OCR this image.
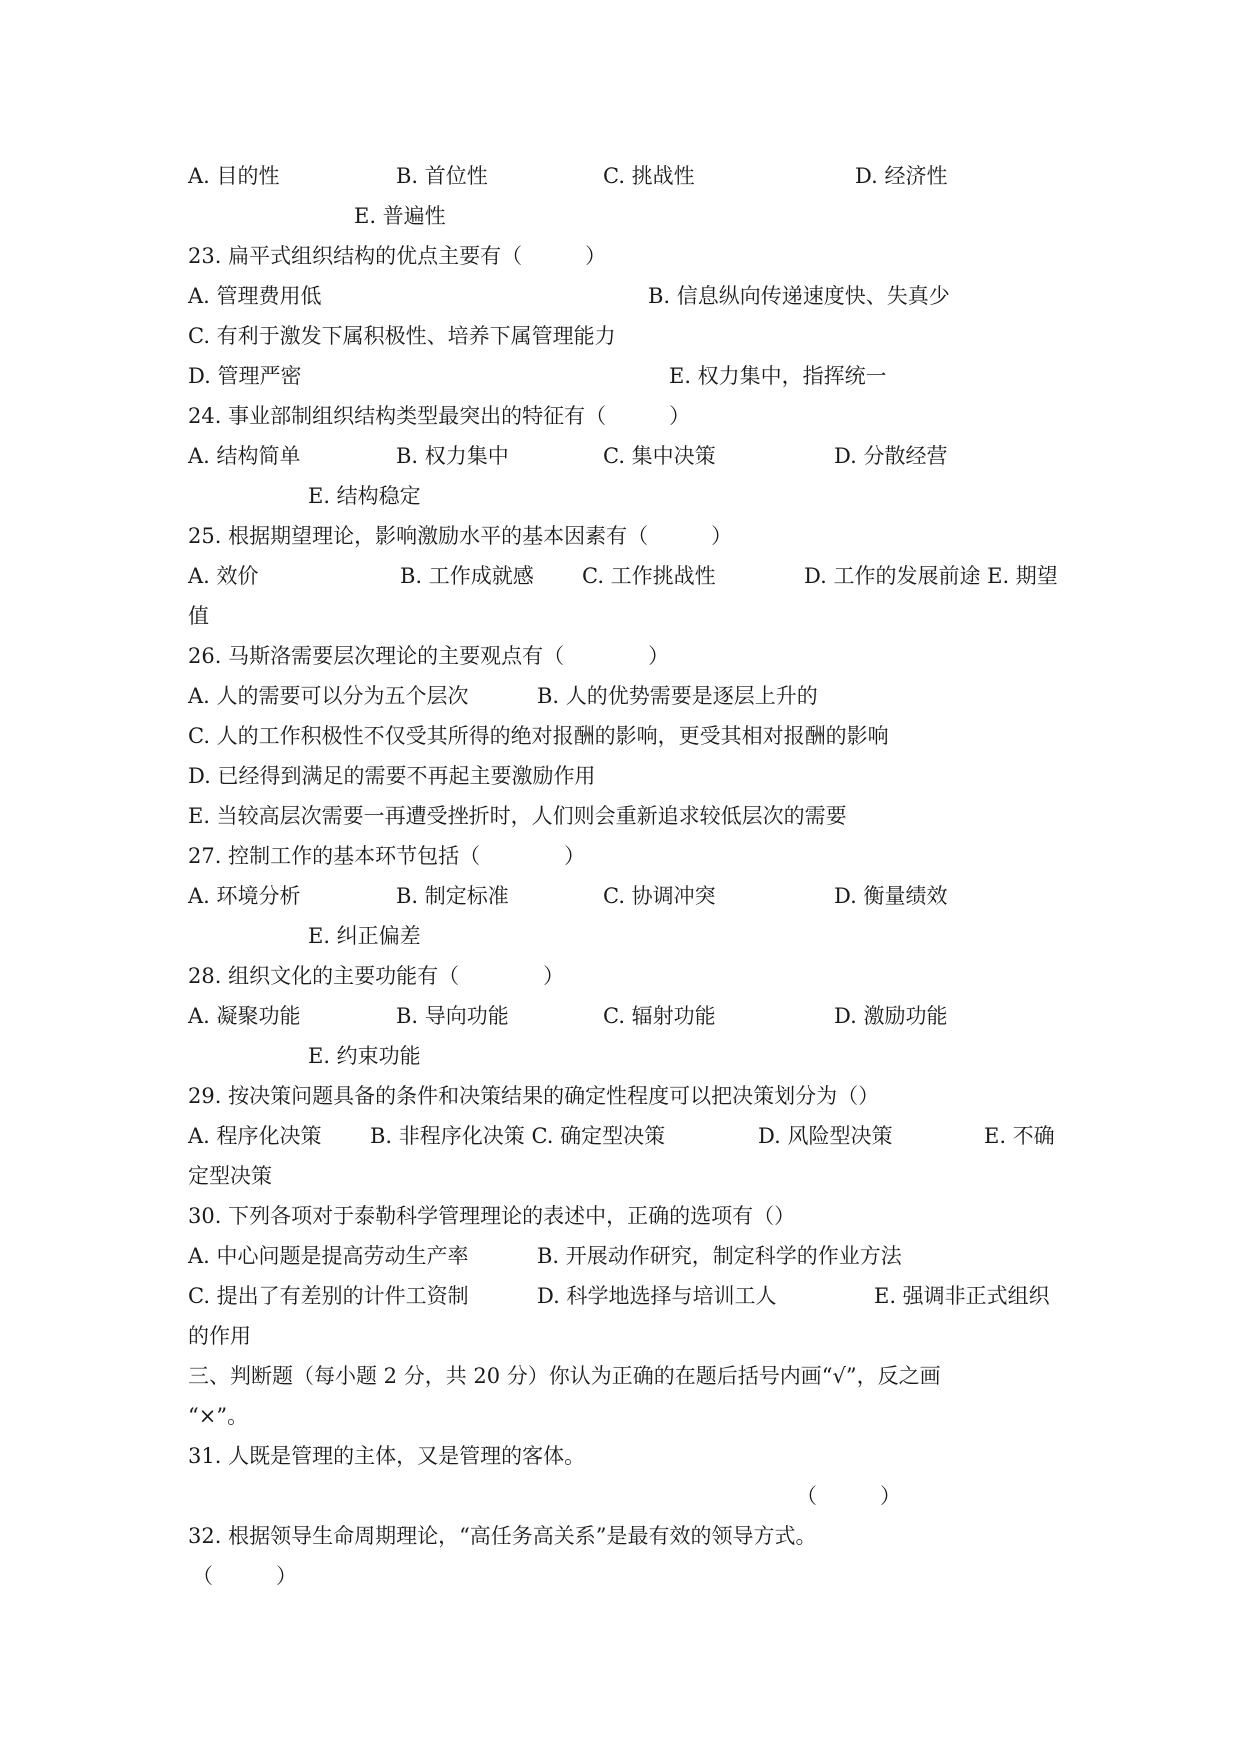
A. 目的性	B. 首位性	C. 挑战性	D. 经济性
E. 普遍性
23. 扁平式组织结构的优点主要有（　　　）
A. 管理费用低	B. 信息纵向传递速度快、失真少
C. 有利于激发下属积极性、培养下属管理能力
D. 管理严密	E. 权力集中，指挥统一
24. 事业部制组织结构类型最突出的特征有（　　　）
A. 结构简单	B. 权力集中	C. 集中决策	D. 分散经营
E. 结构稳定
25. 根据期望理论，影响激励水平的基本因素有（　　　）
A. 效价	B. 工作成就感 C. 工作挑战性	D. 工作的发展前途 E. 期望
值
26. 马斯洛需要层次理论的主要观点有（　　　　）
A. 人的需要可以分为五个层次	B. 人的优势需要是逐层上升的
C. 人的工作积极性不仅受其所得的绝对报酬的影响，更受其相对报酬的影响
D. 已经得到满足的需要不再起主要激励作用
E. 当较高层次需要一再遭受挫折时，人们则会重新追求较低层次的需要
27. 控制工作的基本环节包括（　　　　）
A. 环境分析	B. 制定标准	C. 协调冲突	D. 衡量绩效
E. 纠正偏差
28. 组织文化的主要功能有（　　　　）
A. 凝聚功能	B. 导向功能	C. 辐射功能	D. 激励功能
E. 约束功能
29. 按决策问题具备的条件和决策结果的确定性程度可以把决策划分为（）
A. 程序化决策 B. 非程序化决策 C. 确定型决策	D. 风险型决策	E. 不确
定型决策
30. 下列各项对于泰勒科学管理理论的表述中，正确的选项有（）
A. 中心问题是提高劳动生产率	B. 开展动作研究，制定科学的作业方法
C. 提出了有差别的计件工资制	D. 科学地选择与培训工人	E. 强调非正式组织
的作用
三、判断题（每小题 2 分，共 20 分）你认为正确的在题后括号内画“√”，反之画
“×”。
31. 人既是管理的主体，又是管理的客体。
（　　　）
32. 根据领导生命周期理论，“高任务高关系”是最有效的领导方式。
（　　　）
